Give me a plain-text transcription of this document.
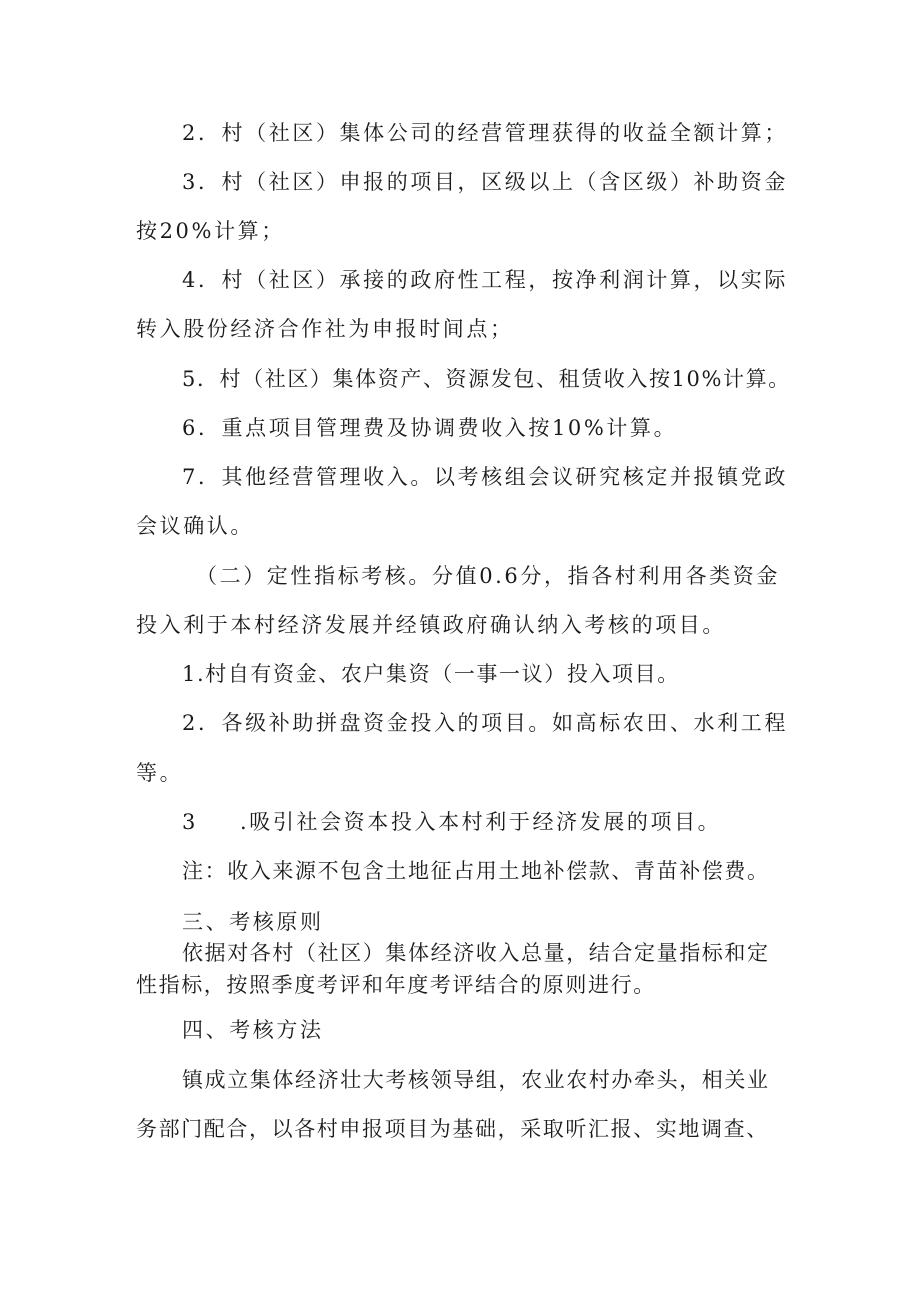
2．村（社区）集体公司的经营管理获得的收益全额计算；
3．村（社区）申报的项目，区级以上（含区级）补助资金
按20%计算；
4．村（社区）承接的政府性工程，按净利润计算，以实际
转入股份经济合作社为申报时间点；
5．村（社区）集体资产、资源发包、租赁收入按10%计算。
6．重点项目管理费及协调费收入按10%计算。
7．其他经营管理收入。以考核组会议研究核定并报镇党政
会议确认。
（二）定性指标考核。分值0.6分，指各村利用各类资金
投入利于本村经济发展并经镇政府确认纳入考核的项目。
1.村自有资金、农户集资（一事一议）投入项目。
2．各级补助拼盘资金投入的项目。如高标农田、水利工程
等。
3 .吸引社会资本投入本村利于经济发展的项目。
注：收入来源不包含土地征占用土地补偿款、青苗补偿费。
三、考核原则
依据对各村（社区）集体经济收入总量，结合定量指标和定
性指标，按照季度考评和年度考评结合的原则进行。
四、考核方法
镇成立集体经济壮大考核领导组，农业农村办牵头，相关业
务部门配合，以各村申报项目为基础，采取听汇报、实地调查、
